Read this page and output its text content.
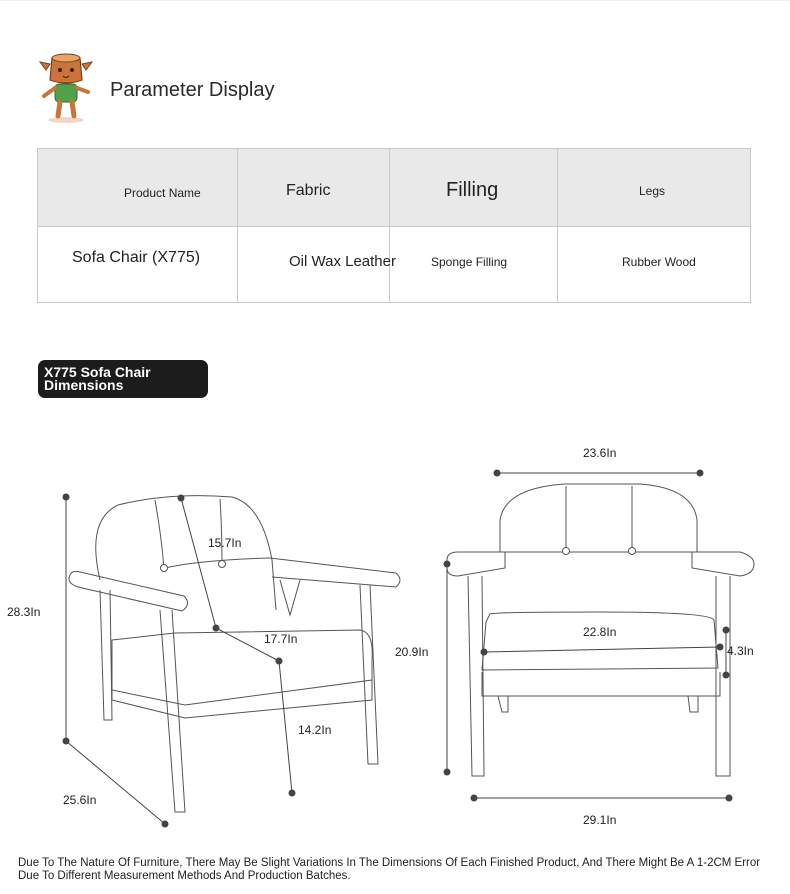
Parameter Display
Product Name	Fabric	Filling	Legs
Sofa Chair (X775)	Oil Wax Leather	Sponge Filling	Rubber Wood
X775 Sofa Chair
Dimensions
28.3In
15.7In
17.7In
14.2In
25.6In
23.6In
20.9In
22.8In
4.3In
29.1In
Due To The Nature Of Furniture, There May Be Slight Variations In The Dimensions Of Each Finished Product, And There Might Be A 1-2CM Error Due To Different Measurement Methods And Production Batches.
